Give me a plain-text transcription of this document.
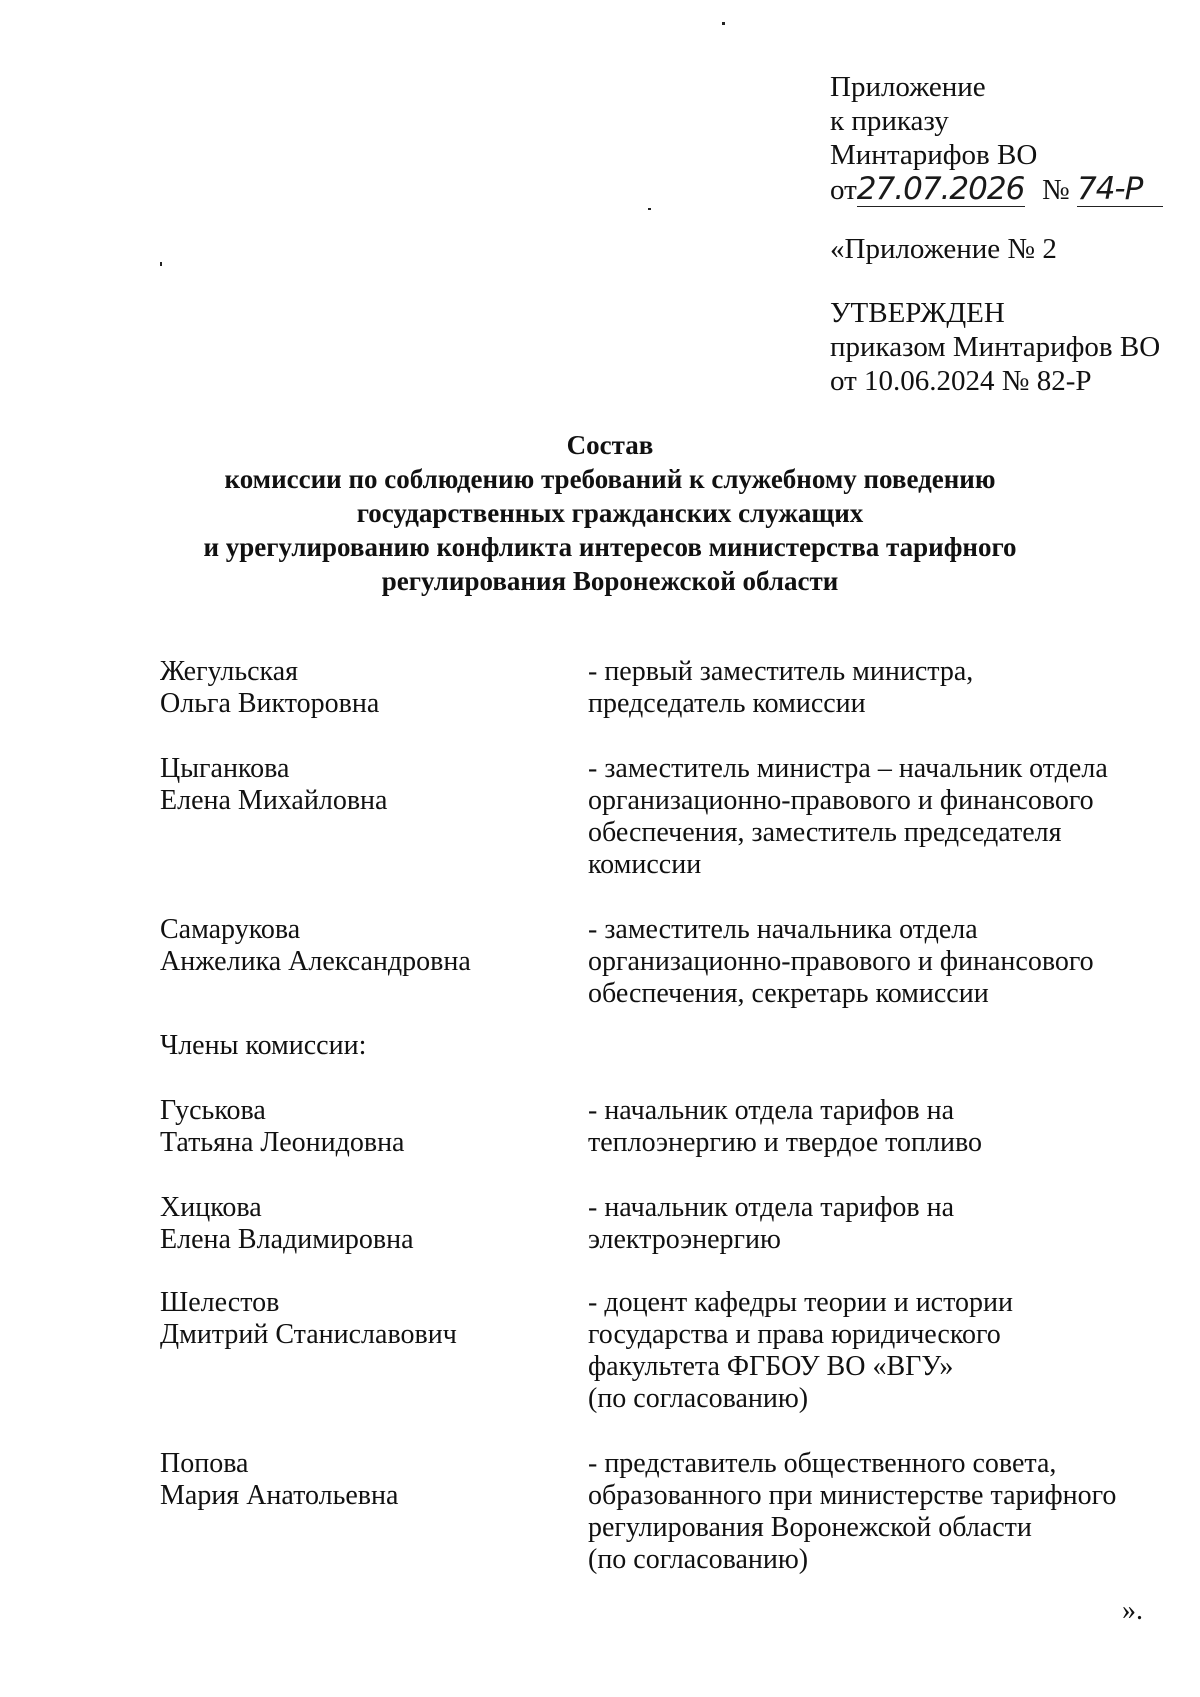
Приложение
к приказу
Минтарифов ВО
от27.07.2026 № 74-Р
«Приложение № 2
УТВЕРЖДЕН
приказом Минтарифов ВО
от 10.06.2024 № 82-Р
Состав
комиссии по соблюдению требований к служебному поведению
государственных гражданских служащих
и урегулированию конфликта интересов министерства тарифного
регулирования Воронежской области
Жегульская
Ольга Викторовна
- первый заместитель министра,
председатель комиссии
Цыганкова
Елена Михайловна
- заместитель министра – начальник отдела
организационно-правового и финансового
обеспечения, заместитель председателя
комиссии
Самарукова
Анжелика Александровна
- заместитель начальника отдела
организационно-правового и финансового
обеспечения, секретарь комиссии
Члены комиссии:
Гуськова
Татьяна Леонидовна
- начальник отдела тарифов на
теплоэнергию и твердое топливо
Хицкова
Елена Владимировна
- начальник отдела тарифов на
электроэнергию
Шелестов
Дмитрий Станиславович
- доцент кафедры теории и истории
государства и права юридического
факультета ФГБОУ ВО «ВГУ»
(по согласованию)
Попова
Мария Анатольевна
- представитель общественного совета,
образованного при министерстве тарифного
регулирования Воронежской области
(по согласованию)
».
